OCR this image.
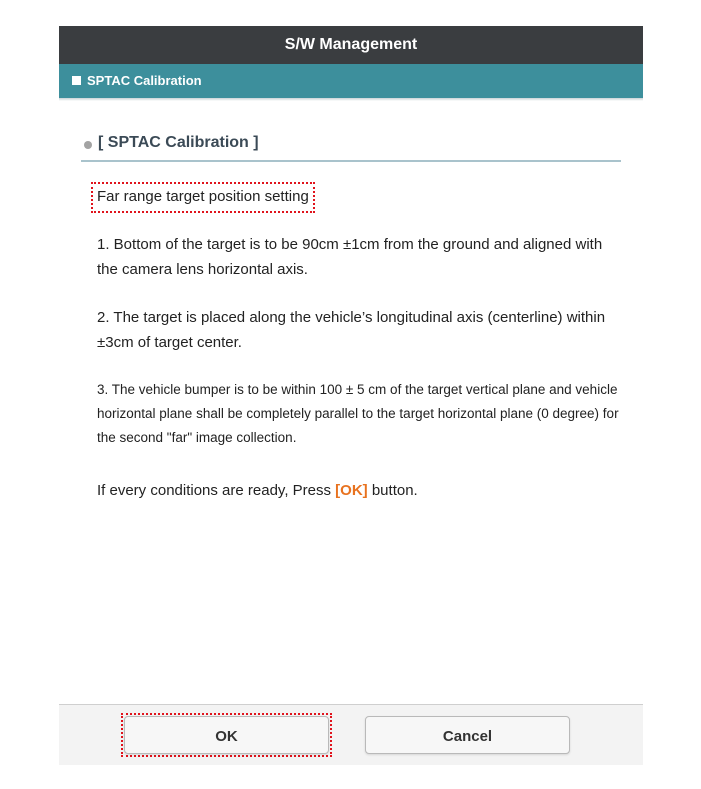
S/W Management
SPTAC Calibration
[ SPTAC Calibration ]
Far range target position setting
1. Bottom of the target is to be 90cm ±1cm from the ground and aligned with the camera lens horizontal axis.
2. The target is placed along the vehicle’s longitudinal axis (centerline) within ±3cm of target center.
3. The vehicle bumper is to be within 100 ± 5 cm of the target vertical plane and vehicle horizontal plane shall be completely parallel to the target horizontal plane (0 degree) for the second "far" image collection.
If every conditions are ready, Press [OK] button.
OK	Cancel
